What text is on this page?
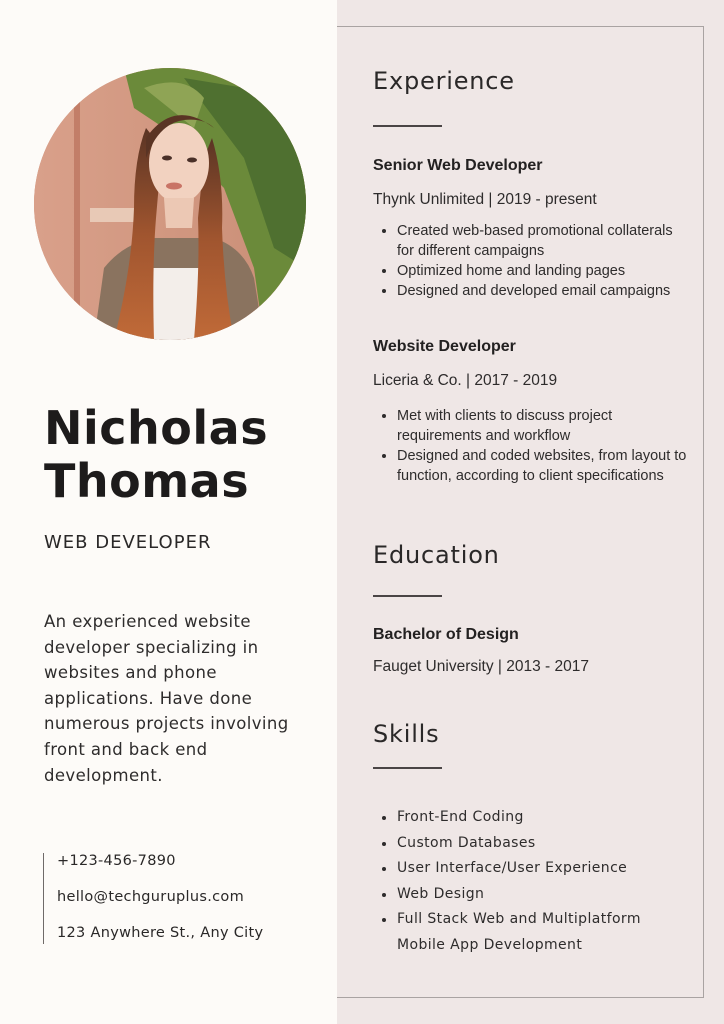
Nicholas
Thomas
WEB DEVELOPER
An experienced website developer specializing in websites and phone applications. Have done numerous projects involving front and back end development.
+123-456-7890
hello@techguruplus.com
123 Anywhere St., Any City
Experience
Senior Web Developer
Thynk Unlimited | 2019 - present
Created web-based promotional collaterals for different campaigns
Optimized home and landing pages
Designed and developed email campaigns
Website Developer
Liceria & Co. | 2017 - 2019
Met with clients to discuss project requirements and workflow
Designed and coded websites, from layout to function, according to client specifications
Education
Bachelor of Design
Fauget University | 2013 - 2017
Skills
Front-End Coding
Custom Databases
User Interface/User Experience
Web Design
Full Stack Web and Multiplatform Mobile App Development
